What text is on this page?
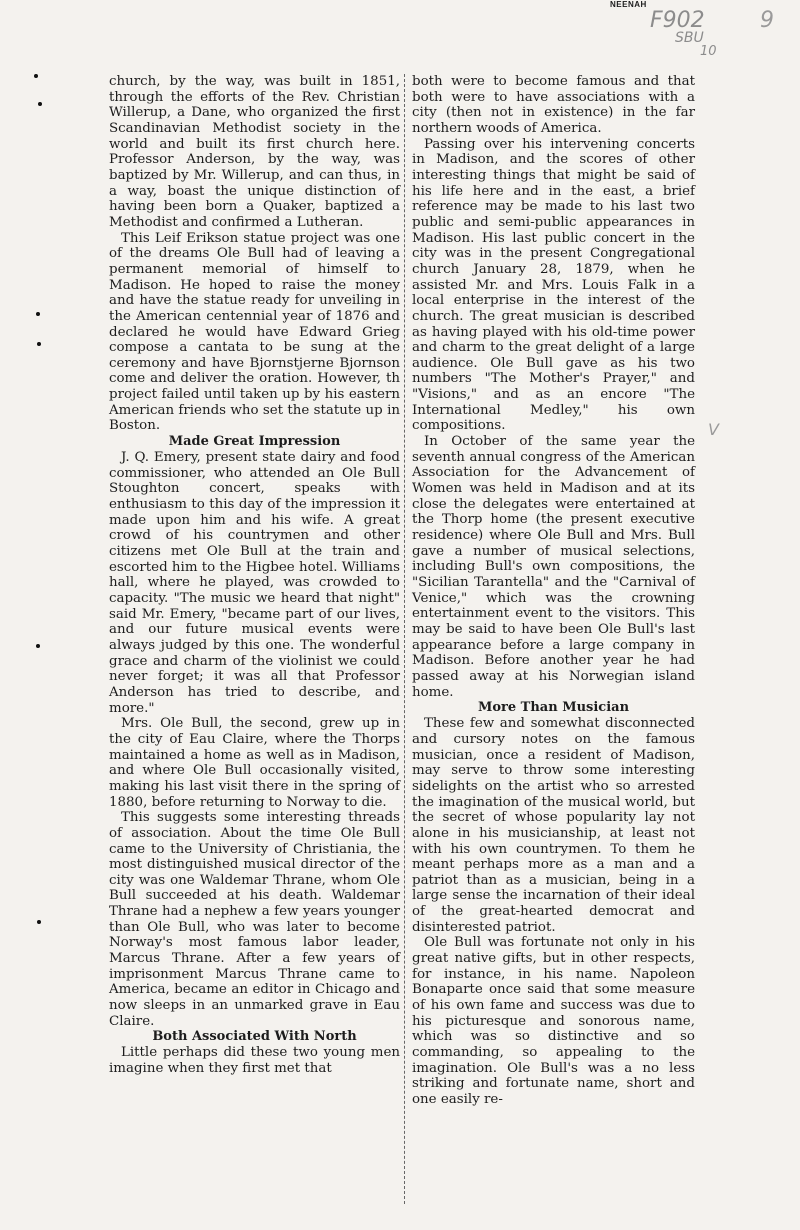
NEENAH
F902
SBU
10
9
V

church, by the way, was built in 1851, through the efforts of the Rev. Christian Willerup, a Dane, who organized the first Scandinavian Methodist society in the world and built its first church here. Professor Anderson, by the way, was baptized by Mr. Willerup, and can thus, in a way, boast the unique distinction of having been born a Quaker, baptized a Methodist and confirmed a Lutheran.

This Leif Erikson statue project was one of the dreams Ole Bull had of leaving a permanent memorial of himself to Madison. He hoped to raise the money and have the statue ready for unveiling in the American centennial year of 1876 and declared he would have Edward Grieg compose a cantata to be sung at the ceremony and have Bjornstjerne Bjornson come and deliver the oration. However, th project failed until taken up by his eastern American friends who set the statute up in Boston.

Made Great Impression

J. Q. Emery, present state dairy and food commissioner, who attended an Ole Bull Stoughton concert, speaks with enthusiasm to this day of the impression it made upon him and his wife. A great crowd of his countrymen and other citizens met Ole Bull at the train and escorted him to the Higbee hotel. Williams hall, where he played, was crowded to capacity. "The music we heard that night" said Mr. Emery, "became part of our lives, and our future musical events were always judged by this one. The wonderful grace and charm of the violinist we could never forget; it was all that Professor Anderson has tried to describe, and more."

Mrs. Ole Bull, the second, grew up in the city of Eau Claire, where the Thorps maintained a home as well as in Madison, and where Ole Bull occasionally visited, making his last visit there in the spring of 1880, before returning to Norway to die.

This suggests some interesting threads of association. About the time Ole Bull came to the University of Christiania, the most distinguished musical director of the city was one Waldemar Thrane, whom Ole Bull succeeded at his death. Waldemar Thrane had a nephew a few years younger than Ole Bull, who was later to become Norway's most famous labor leader, Marcus Thrane. After a few years of imprisonment Marcus Thrane came to America, became an editor in Chicago and now sleeps in an unmarked grave in Eau Claire.

Both Associated With North

Little perhaps did these two young men imagine when they first met that

both were to become famous and that both were to have associations with a city (then not in existence) in the far northern woods of America.

Passing over his intervening concerts in Madison, and the scores of other interesting things that might be said of his life here and in the east, a brief reference may be made to his last two public and semi-public appearances in Madison. His last public concert in the city was in the present Congregational church January 28, 1879, when he assisted Mr. and Mrs. Louis Falk in a local enterprise in the interest of the church. The great musician is described as having played with his old-time power and charm to the great delight of a large audience. Ole Bull gave as his two numbers "The Mother's Prayer," and "Visions," and as an encore "The International Medley," his own compositions.

In October of the same year the seventh annual congress of the American Association for the Advancement of Women was held in Madison and at its close the delegates were entertained at the Thorp home (the present executive residence) where Ole Bull and Mrs. Bull gave a number of musical selections, including Bull's own compositions, the "Sicilian Tarantella" and the "Carnival of Venice," which was the crowning entertainment event to the visitors. This may be said to have been Ole Bull's last appearance before a large company in Madison. Before another year he had passed away at his Norwegian island home.

More Than Musician

These few and somewhat disconnected and cursory notes on the famous musician, once a resident of Madison, may serve to throw some interesting sidelights on the artist who so arrested the imagination of the musical world, but the secret of whose popularity lay not alone in his musicianship, at least not with his own countrymen. To them he meant perhaps more as a man and a patriot than as a musician, being in a large sense the incarnation of their ideal of the great-hearted democrat and disinterested patriot.

Ole Bull was fortunate not only in his great native gifts, but in other respects, for instance, in his name. Napoleon Bonaparte once said that some measure of his own fame and success was due to his picturesque and sonorous name, which was so distinctive and so commanding, so appealing to the imagination. Ole Bull's was a no less striking and fortunate name, short and one easily re-
